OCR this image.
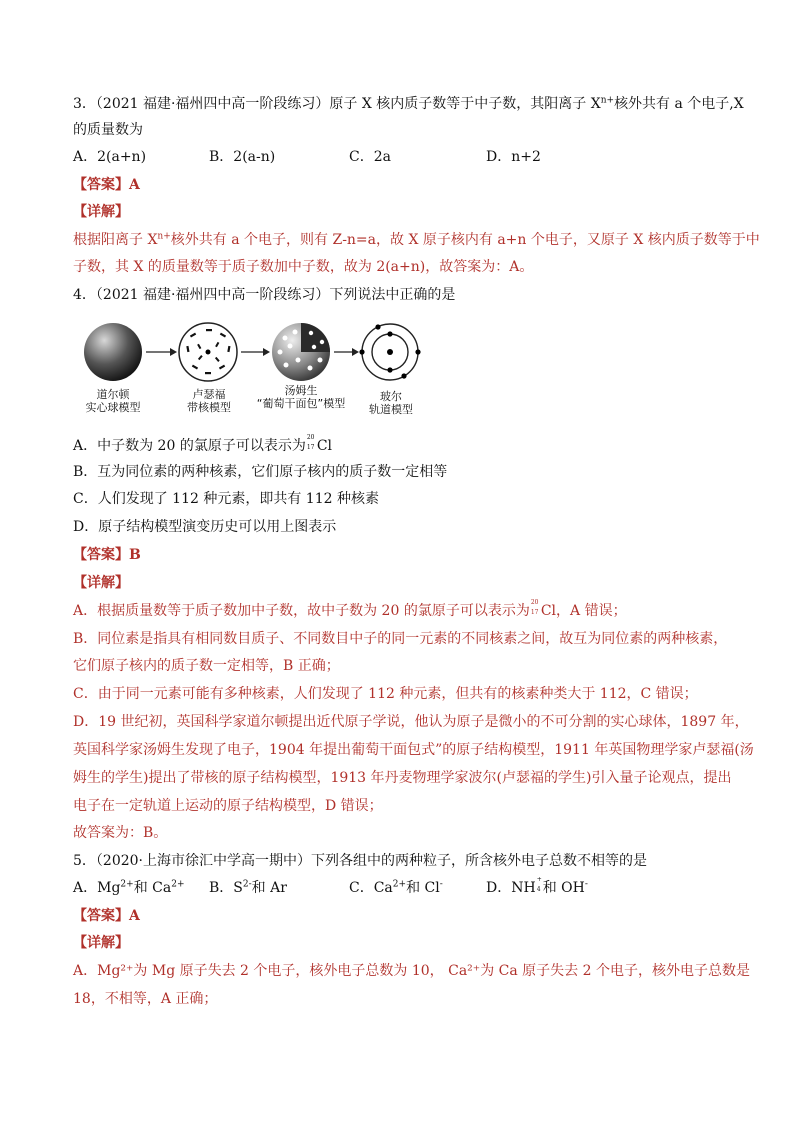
3．（2021 福建·福州四中高一阶段练习）原子 X 核内质子数等于中子数，其阳离子 $X^{n+}$核外共有 a 个电子,X
的质量数为
A．2(a+n)	B．2(a-n)	C．2a	D．n+2
【答案】A
【详解】
根据阳离子 $X^{n+}$核外共有 a 个电子，则有 Z-n=a，故 X 原子核内有 a+n 个电子，又原子 X 核内质子数等于中
子数，其 X 的质量数等于质子数加中子数，故为 2(a+n)，故答案为：A。
4．（2021 福建·福州四中高一阶段练习）下列说法中正确的是
道尔顿
实心球模型
卢瑟福
带核模型
汤姆生
“葡萄干面包”模型
玻尔
轨道模型
A．中子数为 20 的氯原子可以表示为
20
17 Cl
B．互为同位素的两种核素，它们原子核内的质子数一定相等
C．人们发现了 112 种元素，即共有 112 种核素
D．原子结构模型演变历史可以用上图表示
【答案】B
【详解】
A．根据质量数等于质子数加中子数，故中子数为 20 的氯原子可以表示为
20
17 Cl，A 错误；
B．同位素是指具有相同数目质子、不同数目中子的同一元素的不同核素之间，故互为同位素的两种核素，
它们原子核内的质子数一定相等，B 正确；
C．由于同一元素可能有多种核素，人们发现了 112 种元素，但共有的核素种类大于 112，C 错误；
D．19 世纪初，英国科学家道尔顿提出近代原子学说，他认为原子是微小的不可分割的实心球体，1897 年，
英国科学家汤姆生发现了电子，1904 年提出葡萄干面包式”的原子结构模型，1911 年英国物理学家卢瑟福(汤
姆生的学生)提出了带核的原子结构模型，1913 年丹麦物理学家波尔(卢瑟福的学生)引入量子论观点，提出
电子在一定轨道上运动的原子结构模型，D 错误；
故答案为：B。
5．（2020·上海市徐汇中学高一期中）下列各组中的两种粒子，所含核外电子总数不相等的是
A．$Mg^{2+}$和 $Ca^{2+}$ B．$S^{2-}$和 Ar	C．$Ca^{2+}$和 Cl-	D．NH
+
4 和 OH-
【答案】A
【详解】
A．Mg²⁺为 Mg 原子失去 2 个电子，核外电子总数为 10， Ca²⁺为 Ca 原子失去 2 个电子，核外电子总数是
18，不相等，A 正确；
